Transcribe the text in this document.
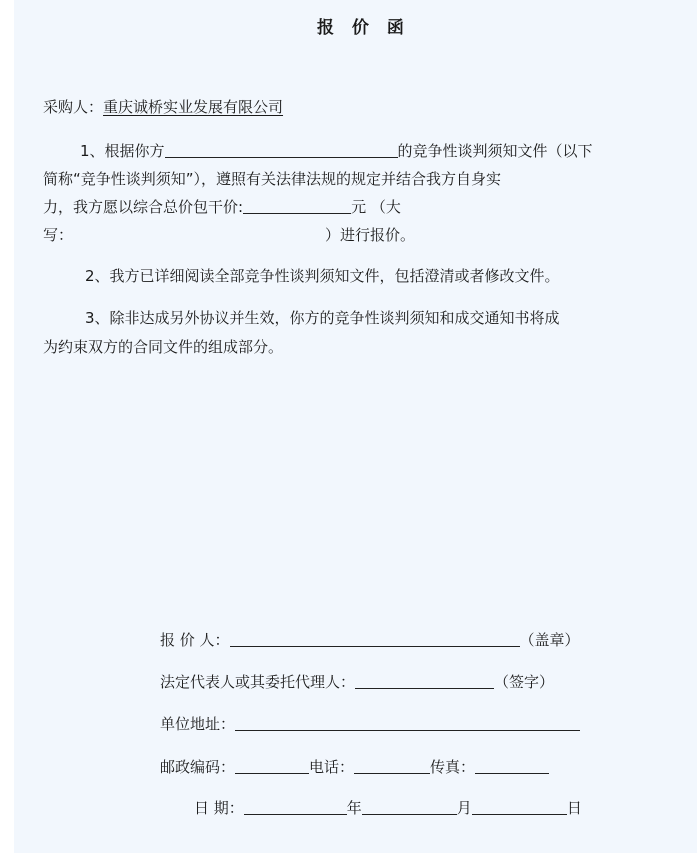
报 价 函
采购人：重庆诚桥实业发展有限公司
1、根据你方	的竞争性谈判须知文件（以下
简称“竞争性谈判须知”），遵照有关法律法规的规定并结合我方自身实
力，我方愿以综合总价包干价:	元 （大
写：	）进行报价。
2、我方已详细阅读全部竞争性谈判须知文件，包括澄清或者修改文件。
3、除非达成另外协议并生效，你方的竞争性谈判须知和成交通知书将成
为约束双方的合同文件的组成部分。
报 价 人：	（盖章）
法定代表人或其委托代理人：	（签字）
单位地址：
邮政编码：	电话：	传真：
日 期：	年	月	日
